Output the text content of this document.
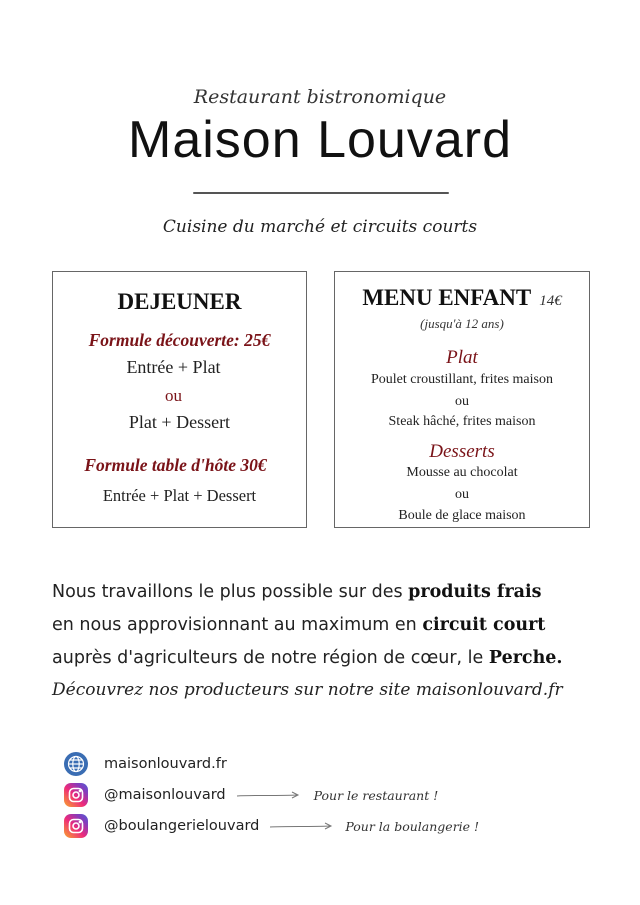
Restaurant bistronomique
Maison Louvard
Cuisine du marché et circuits courts
DEJEUNER
Formule découverte: 25€
Entrée + Plat
ou
Plat + Dessert
Formule table d'hôte 30€
Entrée + Plat + Dessert
MENU ENFANT 14€
(jusqu'à 12 ans)
Plat
Poulet croustillant, frites maison
ou
Steak hâché, frites maison
Desserts
Mousse au chocolat
ou
Boule de glace maison
Nous travaillons le plus possible sur des produits frais
en nous approvisionnant au maximum en circuit court
auprès d'agriculteurs de notre région de cœur, le Perche.
Découvrez nos producteurs sur notre site maisonlouvard.fr
maisonlouvard.fr
@maisonlouvard	Pour le restaurant !
@boulangerielouvard	Pour la boulangerie !
